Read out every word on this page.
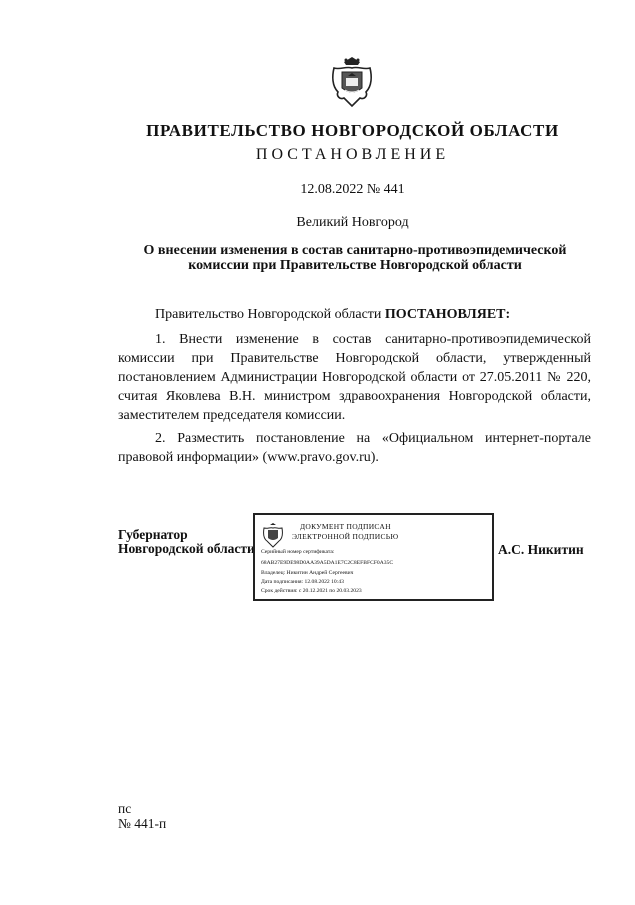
ПРАВИТЕЛЬСТВО НОВГОРОДСКОЙ ОБЛАСТИ
ПОСТАНОВЛЕНИЕ
12.08.2022 № 441
Великий Новгород
О внесении изменения в состав санитарно-противоэпидемической
комиссии при Правительстве Новгородской области

Правительство Новгородской области ПОСТАНОВЛЯЕТ:

1. Внести изменение в состав санитарно-противоэпидемической комиссии при Правительстве Новгородской области, утвержденный постановлением Администрации Новгородской области от 27.05.2011 № 220, считая Яковлева В.Н. министром здравоохранения Новгородской области, заместителем председателя комиссии.

2. Разместить постановление на «Официальном интернет-портале правовой информации» (www.pravo.gov.ru).

Губернатор
Новгородской области
ДОКУМЕНТ ПОДПИСАН
ЭЛЕКТРОННОЙ ПОДПИСЬЮ
Серийный номер сертификата:
68AB27E9DE98D0AA39A5DA1E7C2C8EFBFCF0A35C
Владелец: Никитин Андрей Сергеевич
Дата подписания: 12.08.2022 10:43
Срок действия: с 20.12.2021 по 20.03.2023
А.С. Никитин
пс
№ 441-п
